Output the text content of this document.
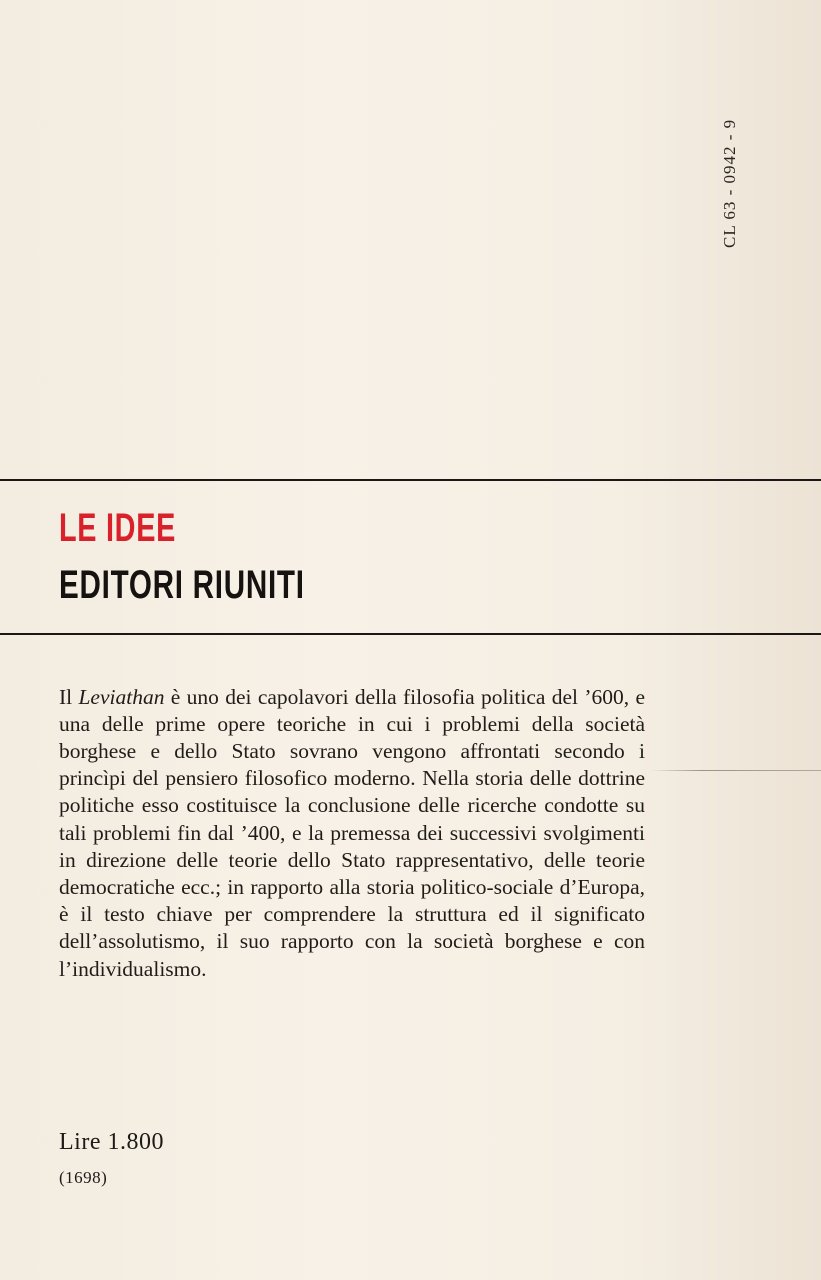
CL 63 - 0942 - 9
LE IDEE
EDITORI RIUNITI

Il Leviathan è uno dei capolavori della filosofia politica del ’600, e una delle prime opere teoriche in cui i problemi della società borghese e dello Stato sovrano vengono affrontati secondo i princìpi del pensiero filosofico moderno. Nella storia delle dottrine politiche esso costituisce la conclusione delle ricerche condotte su tali problemi fin dal ’400, e la premessa dei successivi svolgimenti in direzione delle teorie dello Stato rappresentativo, delle teorie democratiche ecc.; in rapporto alla storia politico-sociale d’Europa, è il testo chiave per comprendere la struttura ed il significato dell’assolutismo, il suo rapporto con la società borghese e con l’individualismo.

Lire 1.800
(1698)
